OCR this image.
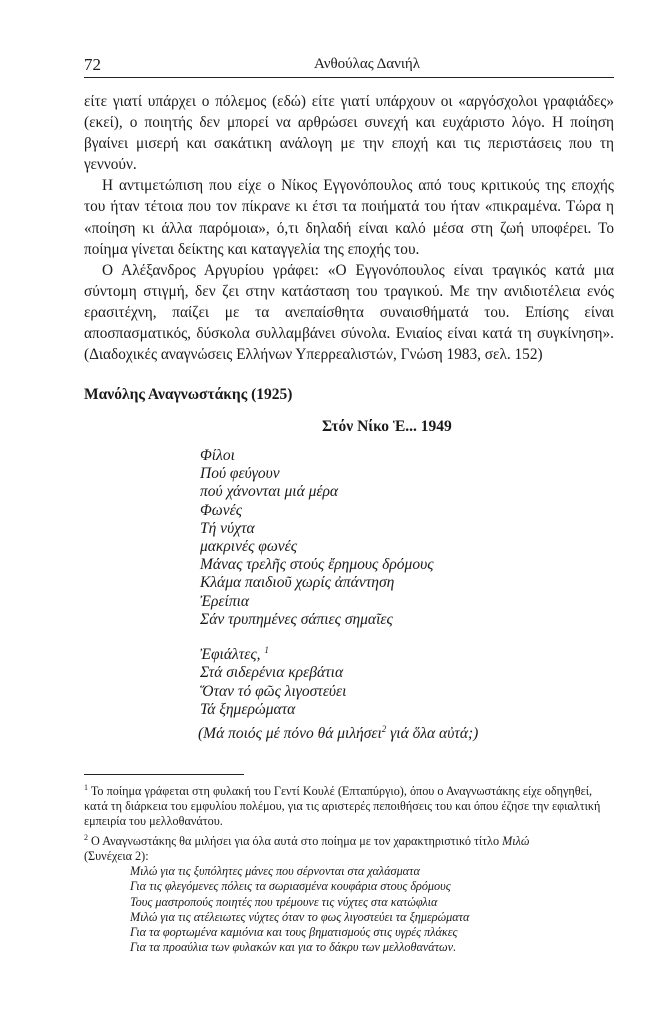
72	Ανθούλας Δανιήλ

είτε γιατί υπάρχει ο πόλεμος (εδώ) είτε γιατί υπάρχουν οι «αργόσχολοι γραφιάδες» (εκεί), ο ποιητής δεν μπορεί να αρθρώσει συνεχή και ευχάριστο λόγο. Η ποίηση βγαίνει μισερή και σακάτικη ανάλογη με την εποχή και τις περιστάσεις που τη γεννούν.

Η αντιμετώπιση που είχε ο Νίκος Εγγονόπουλος από τους κριτικούς της εποχής του ήταν τέτοια που τον πίκρανε κι έτσι τα ποιήματά του ήταν «πικραμένα. Τώρα η «ποίηση κι άλλα παρόμοια», ό,τι δηλαδή είναι καλό μέσα στη ζωή υποφέρει. Το ποίημα γίνεται δείκτης και καταγγελία της εποχής του.

Ο Αλέξανδρος Αργυρίου γράφει: «Ο Εγγονόπουλος είναι τραγικός κατά μια σύντομη στιγμή, δεν ζει στην κατάσταση του τραγικού. Με την ανιδιοτέλεια ενός ερασιτέχνη, παίζει με τα ανεπαίσθητα συναισθήματά του. Επίσης είναι αποσπασματικός, δύσκολα συλλαμβάνει σύνολα. Ενιαίος είναι κατά τη συγκίνηση». (Διαδοχικές αναγνώσεις Ελλήνων Υπερρεαλιστών, Γνώση 1983, σελ. 152)

Μανόλης Αναγνωστάκης (1925)
Στόν Νίκο Ἑ... 1949
Φίλοι
Πού φεύγουν
πού χάνονται μιά μέρα
Φωνές
Τή νύχτα
μακρινές φωνές
Μάνας τρελῆς στούς ἔρημους δρόμους
Κλάμα παιδιοῦ χωρίς ἀπάντηση
Ἐρείπια
Σάν τρυπημένες σάπιες σημαῖες
Ἐφιάλτες, $^1$
Στά σιδερένια κρεβάτια
Ὅταν τό φῶς λιγοστεύει
Τά ξημερώματα
(Μά ποιός μέ πόνο θά μιλήσει$^2$ γιά ὅλα αὐτά;)

$^1$ Το ποίημα γράφεται στη φυλακή του Γεντί Κουλέ (Επταπύργιο), όπου ο Αναγνωστάκης είχε οδηγηθεί, κατά τη διάρκεια του εμφυλίου πολέμου, για τις αριστερές πεποιθήσεις του και όπου έζησε την εφιαλτική εμπειρία του μελλοθανάτου.

$^2$ Ο Αναγνωστάκης θα μιλήσει για όλα αυτά στο ποίημα με τον χαρακτηριστικό τίτλο Μιλώ
(Συνέχεια 2):

Μιλώ για τις ξυπόλητες μάνες που σέρνονται στα χαλάσματα
Για τις φλεγόμενες πόλεις τα σωριασμένα κουφάρια στους δρόμους
Τους μαστροπούς ποιητές που τρέμουνε τις νύχτες στα κατώφλια
Μιλώ για τις ατέλειωτες νύχτες όταν το φως λιγοστεύει τα ξημερώματα
Για τα φορτωμένα καμιόνια και τους βηματισμούς στις υγρές πλάκες
Για τα προαύλια των φυλακών και για το δάκρυ των μελλοθανάτων.
